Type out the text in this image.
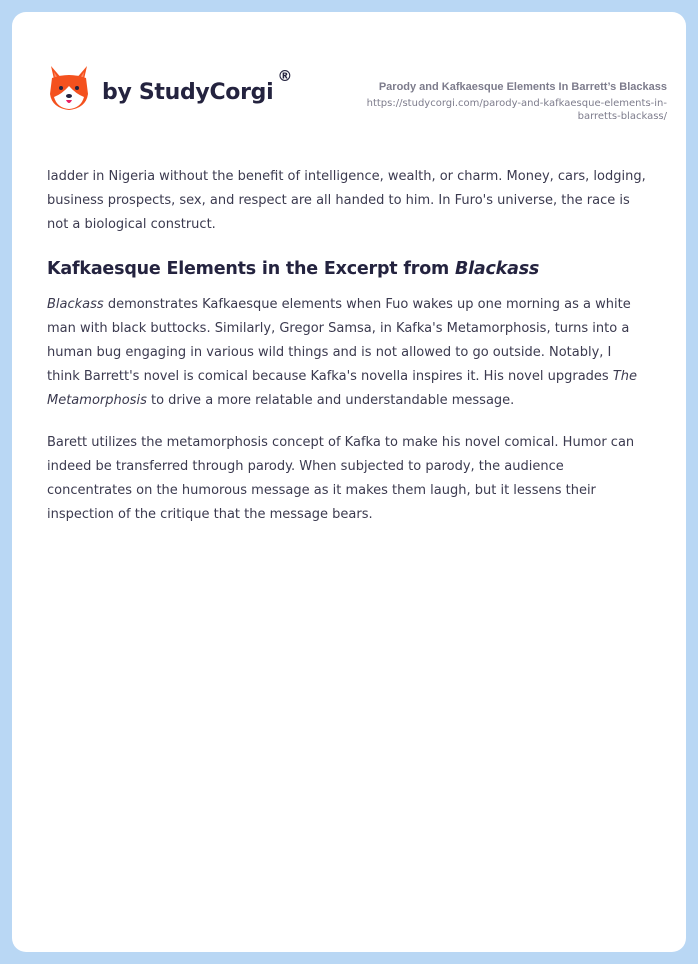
by StudyCorgi
®
Parody and Kafkaesque Elements In Barrett’s Blackass
https://studycorgi.com/parody-and-kafkaesque-elements-in-
barretts-blackass/

ladder in Nigeria without the benefit of intelligence, wealth, or charm. Money, cars, lodging, business prospects, sex, and respect are all handed to him. In Furo's universe, the race is not a biological construct.

Kafkaesque Elements in the Excerpt from Blackass

Blackass demonstrates Kafkaesque elements when Fuo wakes up one morning as a white man with black buttocks. Similarly, Gregor Samsa, in Kafka's Metamorphosis, turns into a human bug engaging in various wild things and is not allowed to go outside. Notably, I think Barrett's novel is comical because Kafka's novella inspires it. His novel upgrades The Metamorphosis to drive a more relatable and understandable message.

Barett utilizes the metamorphosis concept of Kafka to make his novel comical. Humor can indeed be transferred through parody. When subjected to parody, the audience concentrates on the humorous message as it makes them laugh, but it lessens their inspection of the critique that the message bears.
